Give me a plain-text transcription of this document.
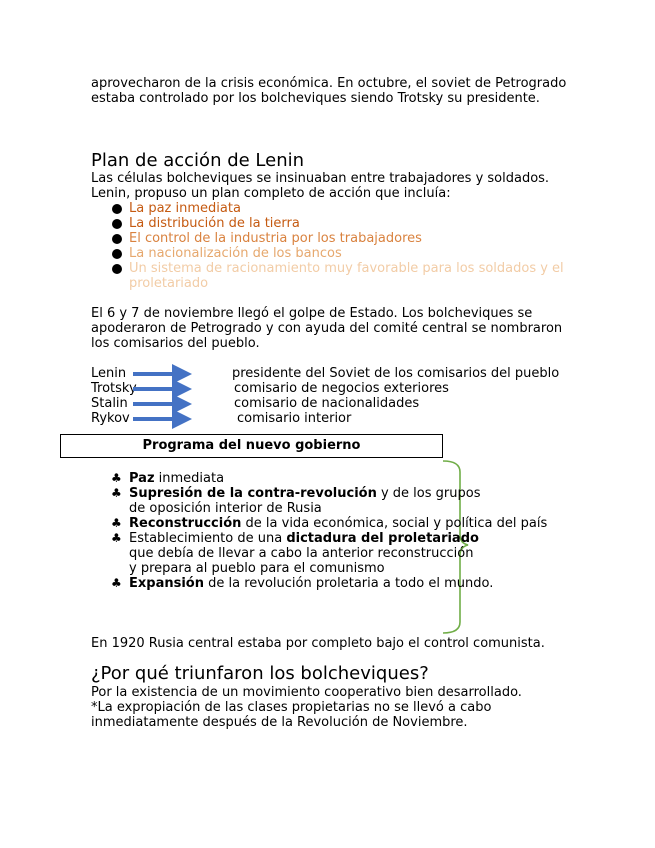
aprovecharon de la crisis económica. En octubre, el soviet de Petrogrado
estaba controlado por los bolcheviques siendo Trotsky su presidente.
Plan de acción de Lenin
Las células bolcheviques se insinuaban entre trabajadores y soldados.
Lenin, propuso un plan completo de acción que incluía:
La paz inmediata
La distribución de la tierra
El control de la industria por los trabajadores
La nacionalización de los bancos
Un sistema de racionamiento muy favorable para los soldados y el
proletariado
El 6 y 7 de noviembre llegó el golpe de Estado. Los bolcheviques se
apoderaron de Petrogrado y con ayuda del comité central se nombraron
los comisarios del pueblo.
Lenin	presidente del Soviet de los comisarios del pueblo
Trotsky	comisario de negocios exteriores
Stalin	comisario de nacionalidades
Rykov	comisario interior
Programa del nuevo gobierno
♣ Paz inmediata
♣ Supresión de la contra-revolución y de los grupos
de oposición interior de Rusia
♣ Reconstrucción de la vida económica, social y política del país
♣ Establecimiento de una dictadura del proletariado
que debía de llevar a cabo la anterior reconstrucción
y prepara al pueblo para el comunismo
♣ Expansión de la revolución proletaria a todo el mundo.
En 1920 Rusia central estaba por completo bajo el control comunista.
¿Por qué triunfaron los bolcheviques?
Por la existencia de un movimiento cooperativo bien desarrollado.
*La expropiación de las clases propietarias no se llevó a cabo
inmediatamente después de la Revolución de Noviembre.
